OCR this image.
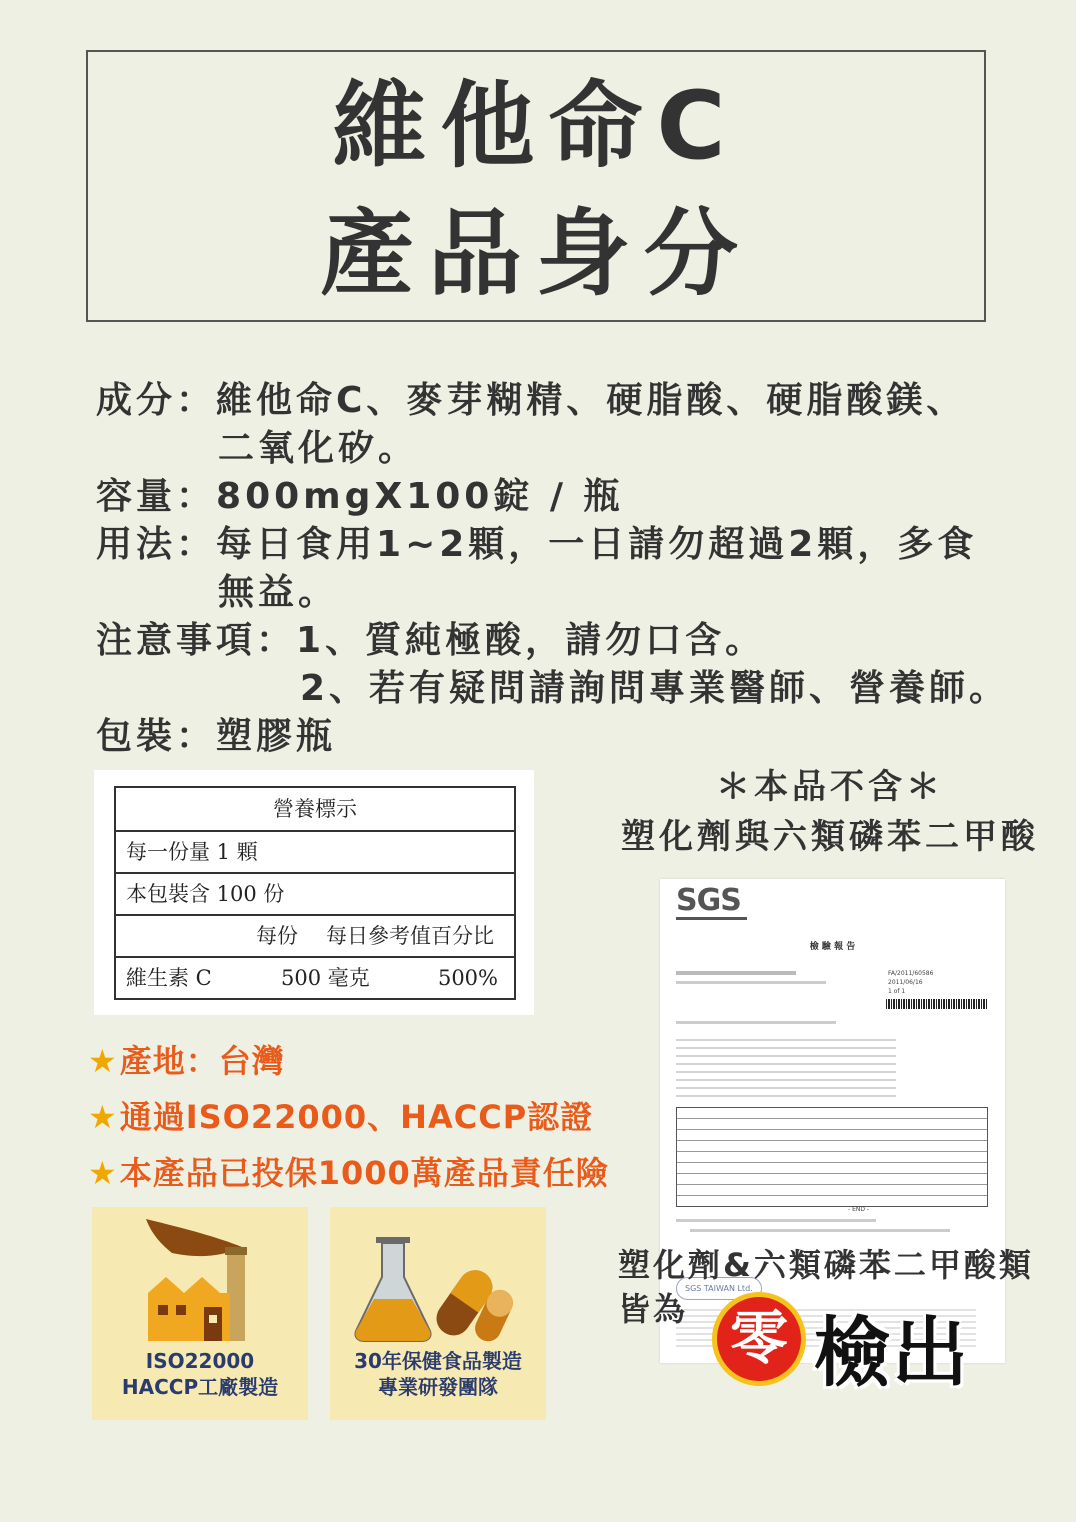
維他命C
產品身分
成分：維他命C、麥芽糊精、硬脂酸、硬脂酸鎂、
二氧化矽。
容量：800mgX100錠 / 瓶
用法：每日食用1~2顆，一日請勿超過2顆，多食
無益。
注意事項：1、質純極酸，請勿口含。
2、若有疑問請詢問專業醫師、營養師。
包裝：塑膠瓶
營養標示
每一份量 1 顆
本包裝含 100 份
每份 每日參考值百分比
維生素 C	500 毫克	500%
＊本品不含＊
塑化劑與六類磷苯二甲酸
★產地：台灣
★通過ISO22000、HACCP認證
★本產品已投保1000萬產品責任險
ISO22000
HACCP工廠製造
30年保健食品製造
專業研發團隊
SGS
檢 驗 報 告
FA/2011/60586
2011/06/16
1 of 1
- END -
SGS TAIWAN Ltd.
塑化劑&六類磷苯二甲酸類
皆為 零 檢出
